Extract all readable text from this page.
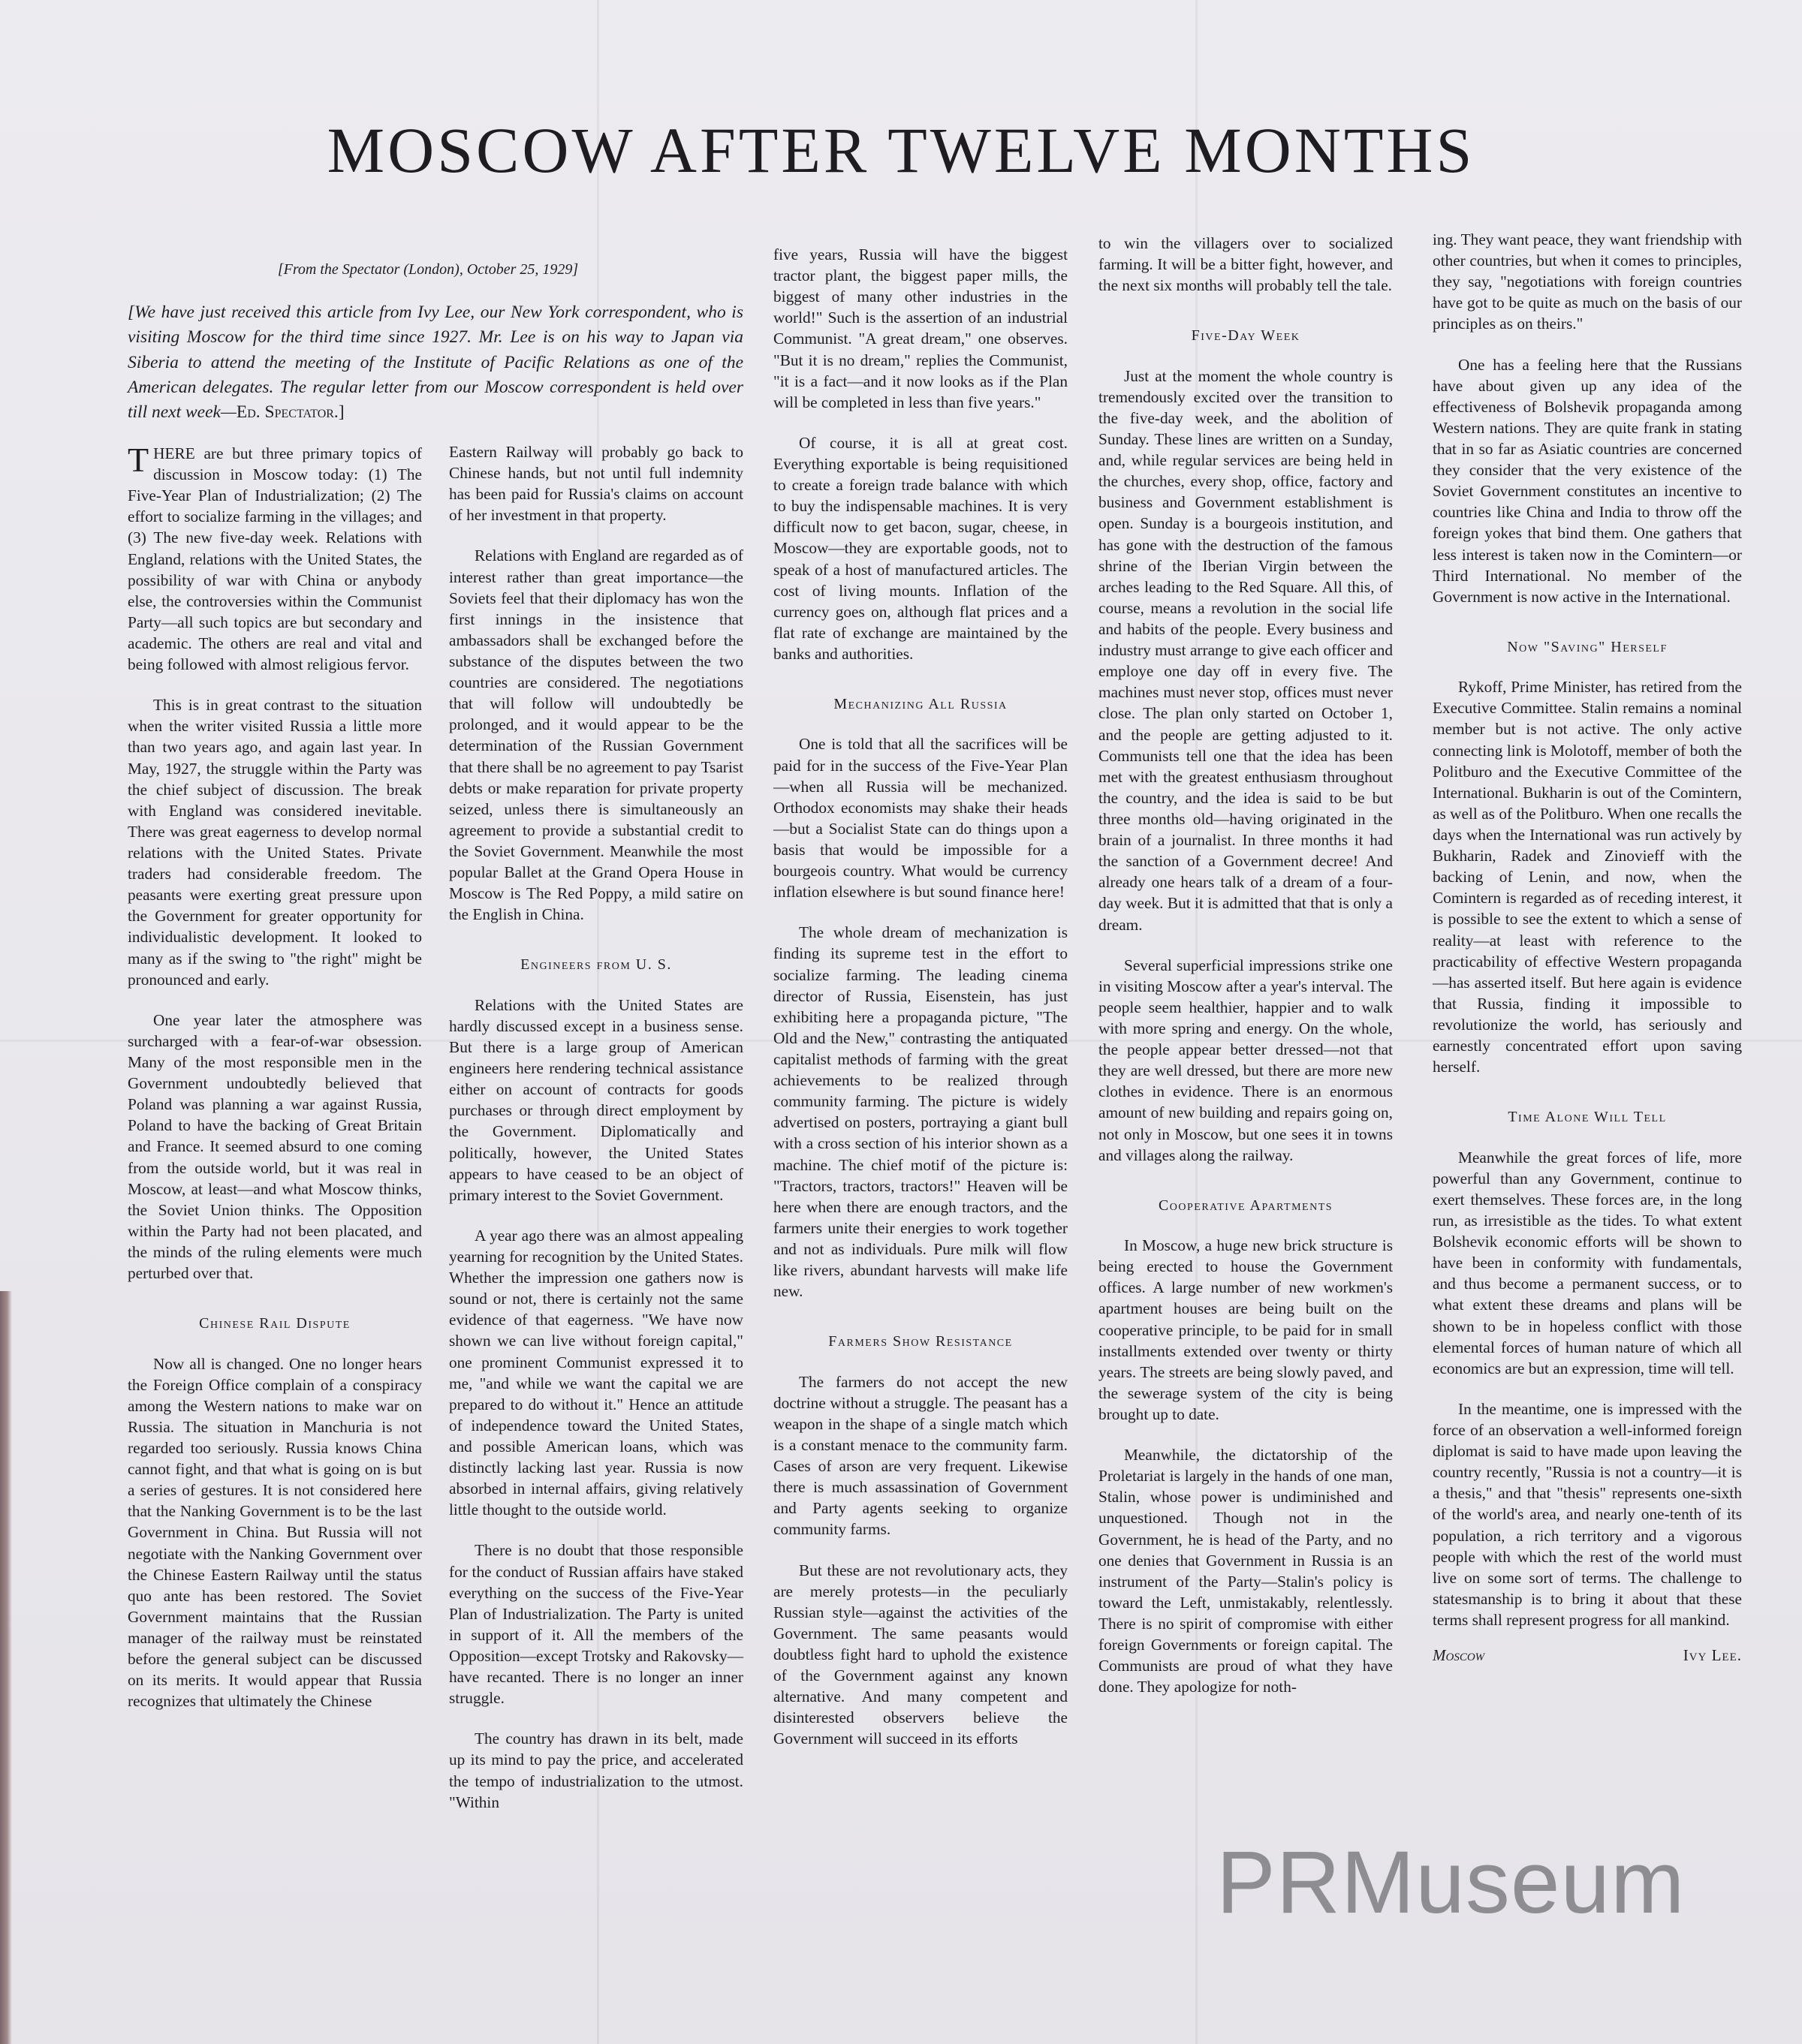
MOSCOW AFTER TWELVE MONTHS

[From the Spectator (London), October 25, 1929]

[We have just received this article from Ivy Lee, our New York correspondent, who is visiting Moscow for the third time since 1927. Mr. Lee is on his way to Japan via Siberia to attend the meeting of the Institute of Pacific Relations as one of the American delegates. The regular letter from our Moscow correspondent is held over till next week—Ed. Spectator.]

THERE are but three primary topics of discussion in Moscow today: (1) The Five-Year Plan of Industrialization; (2) The effort to socialize farming in the villages; and (3) The new five-day week. Relations with England, relations with the United States, the possibility of war with China or anybody else, the controversies within the Communist Party—all such topics are but secondary and academic. The others are real and vital and being followed with almost religious fervor.

This is in great contrast to the situation when the writer visited Russia a little more than two years ago, and again last year. In May, 1927, the struggle within the Party was the chief subject of discussion. The break with England was considered inevitable. There was great eagerness to develop normal relations with the United States. Private traders had considerable freedom. The peasants were exerting great pressure upon the Government for greater opportunity for individualistic development. It looked to many as if the swing to "the right" might be pronounced and early.

One year later the atmosphere was surcharged with a fear-of-war obsession. Many of the most responsible men in the Government undoubtedly believed that Poland was planning a war against Russia, Poland to have the backing of Great Britain and France. It seemed absurd to one coming from the outside world, but it was real in Moscow, at least—and what Moscow thinks, the Soviet Union thinks. The Opposition within the Party had not been placated, and the minds of the ruling elements were much perturbed over that.

Chinese Rail Dispute

Now all is changed. One no longer hears the Foreign Office complain of a conspiracy among the Western nations to make war on Russia. The situation in Manchuria is not regarded too seriously. Russia knows China cannot fight, and that what is going on is but a series of gestures. It is not considered here that the Nanking Government is to be the last Government in China. But Russia will not negotiate with the Nanking Government over the Chinese Eastern Railway until the status quo ante has been restored. The Soviet Government maintains that the Russian manager of the railway must be reinstated before the general subject can be discussed on its merits. It would appear that Russia recognizes that ultimately the Chinese

Eastern Railway will probably go back to Chinese hands, but not until full indemnity has been paid for Russia's claims on account of her investment in that property.

Relations with England are regarded as of interest rather than great importance—the Soviets feel that their diplomacy has won the first innings in the insistence that ambassadors shall be exchanged before the substance of the disputes between the two countries are considered. The negotiations that will follow will undoubtedly be prolonged, and it would appear to be the determination of the Russian Government that there shall be no agreement to pay Tsarist debts or make reparation for private property seized, unless there is simultaneously an agreement to provide a substantial credit to the Soviet Government. Meanwhile the most popular Ballet at the Grand Opera House in Moscow is The Red Poppy, a mild satire on the English in China.

Engineers from U. S.

Relations with the United States are hardly discussed except in a business sense. But there is a large group of American engineers here rendering technical assistance either on account of contracts for goods purchases or through direct employment by the Government. Diplomatically and politically, however, the United States appears to have ceased to be an object of primary interest to the Soviet Government.

A year ago there was an almost appealing yearning for recognition by the United States. Whether the impression one gathers now is sound or not, there is certainly not the same evidence of that eagerness. "We have now shown we can live without foreign capital," one prominent Communist expressed it to me, "and while we want the capital we are prepared to do without it." Hence an attitude of independence toward the United States, and possible American loans, which was distinctly lacking last year. Russia is now absorbed in internal affairs, giving relatively little thought to the outside world.

There is no doubt that those responsible for the conduct of Russian affairs have staked everything on the success of the Five-Year Plan of Industrialization. The Party is united in support of it. All the members of the Opposition—except Trotsky and Rakovsky—have recanted. There is no longer an inner struggle.

The country has drawn in its belt, made up its mind to pay the price, and accelerated the tempo of industrialization to the utmost. "Within

five years, Russia will have the biggest tractor plant, the biggest paper mills, the biggest of many other industries in the world!" Such is the assertion of an industrial Communist. "A great dream," one observes. "But it is no dream," replies the Communist, "it is a fact—and it now looks as if the Plan will be completed in less than five years."

Of course, it is all at great cost. Everything exportable is being requisitioned to create a foreign trade balance with which to buy the indispensable machines. It is very difficult now to get bacon, sugar, cheese, in Moscow—they are exportable goods, not to speak of a host of manufactured articles. The cost of living mounts. Inflation of the currency goes on, although flat prices and a flat rate of exchange are maintained by the banks and authorities.

Mechanizing All Russia

One is told that all the sacrifices will be paid for in the success of the Five-Year Plan—when all Russia will be mechanized. Orthodox economists may shake their heads—but a Socialist State can do things upon a basis that would be impossible for a bourgeois country. What would be currency inflation elsewhere is but sound finance here!

The whole dream of mechanization is finding its supreme test in the effort to socialize farming. The leading cinema director of Russia, Eisenstein, has just exhibiting here a propaganda picture, "The Old and the New," contrasting the antiquated capitalist methods of farming with the great achievements to be realized through community farming. The picture is widely advertised on posters, portraying a giant bull with a cross section of his interior shown as a machine. The chief motif of the picture is: "Tractors, tractors, tractors!" Heaven will be here when there are enough tractors, and the farmers unite their energies to work together and not as individuals. Pure milk will flow like rivers, abundant harvests will make life new.

Farmers Show Resistance

The farmers do not accept the new doctrine without a struggle. The peasant has a weapon in the shape of a single match which is a constant menace to the community farm. Cases of arson are very frequent. Likewise there is much assassination of Government and Party agents seeking to organize community farms.

But these are not revolutionary acts, they are merely protests—in the peculiarly Russian style—against the activities of the Government. The same peasants would doubtless fight hard to uphold the existence of the Government against any known alternative. And many competent and disinterested observers believe the Government will succeed in its efforts

to win the villagers over to socialized farming. It will be a bitter fight, however, and the next six months will probably tell the tale.

Five-Day Week

Just at the moment the whole country is tremendously excited over the transition to the five-day week, and the abolition of Sunday. These lines are written on a Sunday, and, while regular services are being held in the churches, every shop, office, factory and business and Government establishment is open. Sunday is a bourgeois institution, and has gone with the destruction of the famous shrine of the Iberian Virgin between the arches leading to the Red Square. All this, of course, means a revolution in the social life and habits of the people. Every business and industry must arrange to give each officer and employe one day off in every five. The machines must never stop, offices must never close. The plan only started on October 1, and the people are getting adjusted to it. Communists tell one that the idea has been met with the greatest enthusiasm throughout the country, and the idea is said to be but three months old—having originated in the brain of a journalist. In three months it had the sanction of a Government decree! And already one hears talk of a dream of a four-day week. But it is admitted that that is only a dream.

Several superficial impressions strike one in visiting Moscow after a year's interval. The people seem healthier, happier and to walk with more spring and energy. On the whole, the people appear better dressed—not that they are well dressed, but there are more new clothes in evidence. There is an enormous amount of new building and repairs going on, not only in Moscow, but one sees it in towns and villages along the railway.

Cooperative Apartments

In Moscow, a huge new brick structure is being erected to house the Government offices. A large number of new workmen's apartment houses are being built on the cooperative principle, to be paid for in small installments extended over twenty or thirty years. The streets are being slowly paved, and the sewerage system of the city is being brought up to date.

Meanwhile, the dictatorship of the Proletariat is largely in the hands of one man, Stalin, whose power is undiminished and unquestioned. Though not in the Government, he is head of the Party, and no one denies that Government in Russia is an instrument of the Party—Stalin's policy is toward the Left, unmistakably, relentlessly. There is no spirit of compromise with either foreign Governments or foreign capital. The Communists are proud of what they have done. They apologize for noth-

ing. They want peace, they want friendship with other countries, but when it comes to principles, they say, "negotiations with foreign countries have got to be quite as much on the basis of our principles as on theirs."

One has a feeling here that the Russians have about given up any idea of the effectiveness of Bolshevik propaganda among Western nations. They are quite frank in stating that in so far as Asiatic countries are concerned they consider that the very existence of the Soviet Government constitutes an incentive to countries like China and India to throw off the foreign yokes that bind them. One gathers that less interest is taken now in the Comintern—or Third International. No member of the Government is now active in the International.

Now "Saving" Herself

Rykoff, Prime Minister, has retired from the Executive Committee. Stalin remains a nominal member but is not active. The only active connecting link is Molotoff, member of both the Politburo and the Executive Committee of the International. Bukharin is out of the Comintern, as well as of the Politburo. When one recalls the days when the International was run actively by Bukharin, Radek and Zinovieff with the backing of Lenin, and now, when the Comintern is regarded as of receding interest, it is possible to see the extent to which a sense of reality—at least with reference to the practicability of effective Western propaganda—has asserted itself. But here again is evidence that Russia, finding it impossible to revolutionize the world, has seriously and earnestly concentrated effort upon saving herself.

Time Alone Will Tell

Meanwhile the great forces of life, more powerful than any Government, continue to exert themselves. These forces are, in the long run, as irresistible as the tides. To what extent Bolshevik economic efforts will be shown to have been in conformity with fundamentals, and thus become a permanent success, or to what extent these dreams and plans will be shown to be in hopeless conflict with those elemental forces of human nature of which all economics are but an expression, time will tell.

In the meantime, one is impressed with the force of an observation a well-informed foreign diplomat is said to have made upon leaving the country recently, "Russia is not a country—it is a thesis," and that "thesis" represents one-sixth of the world's area, and nearly one-tenth of its population, a rich territory and a vigorous people with which the rest of the world must live on some sort of terms. The challenge to statesmanship is to bring it about that these terms shall represent progress for all mankind.

Moscow	Ivy Lee.
PRMuseum
